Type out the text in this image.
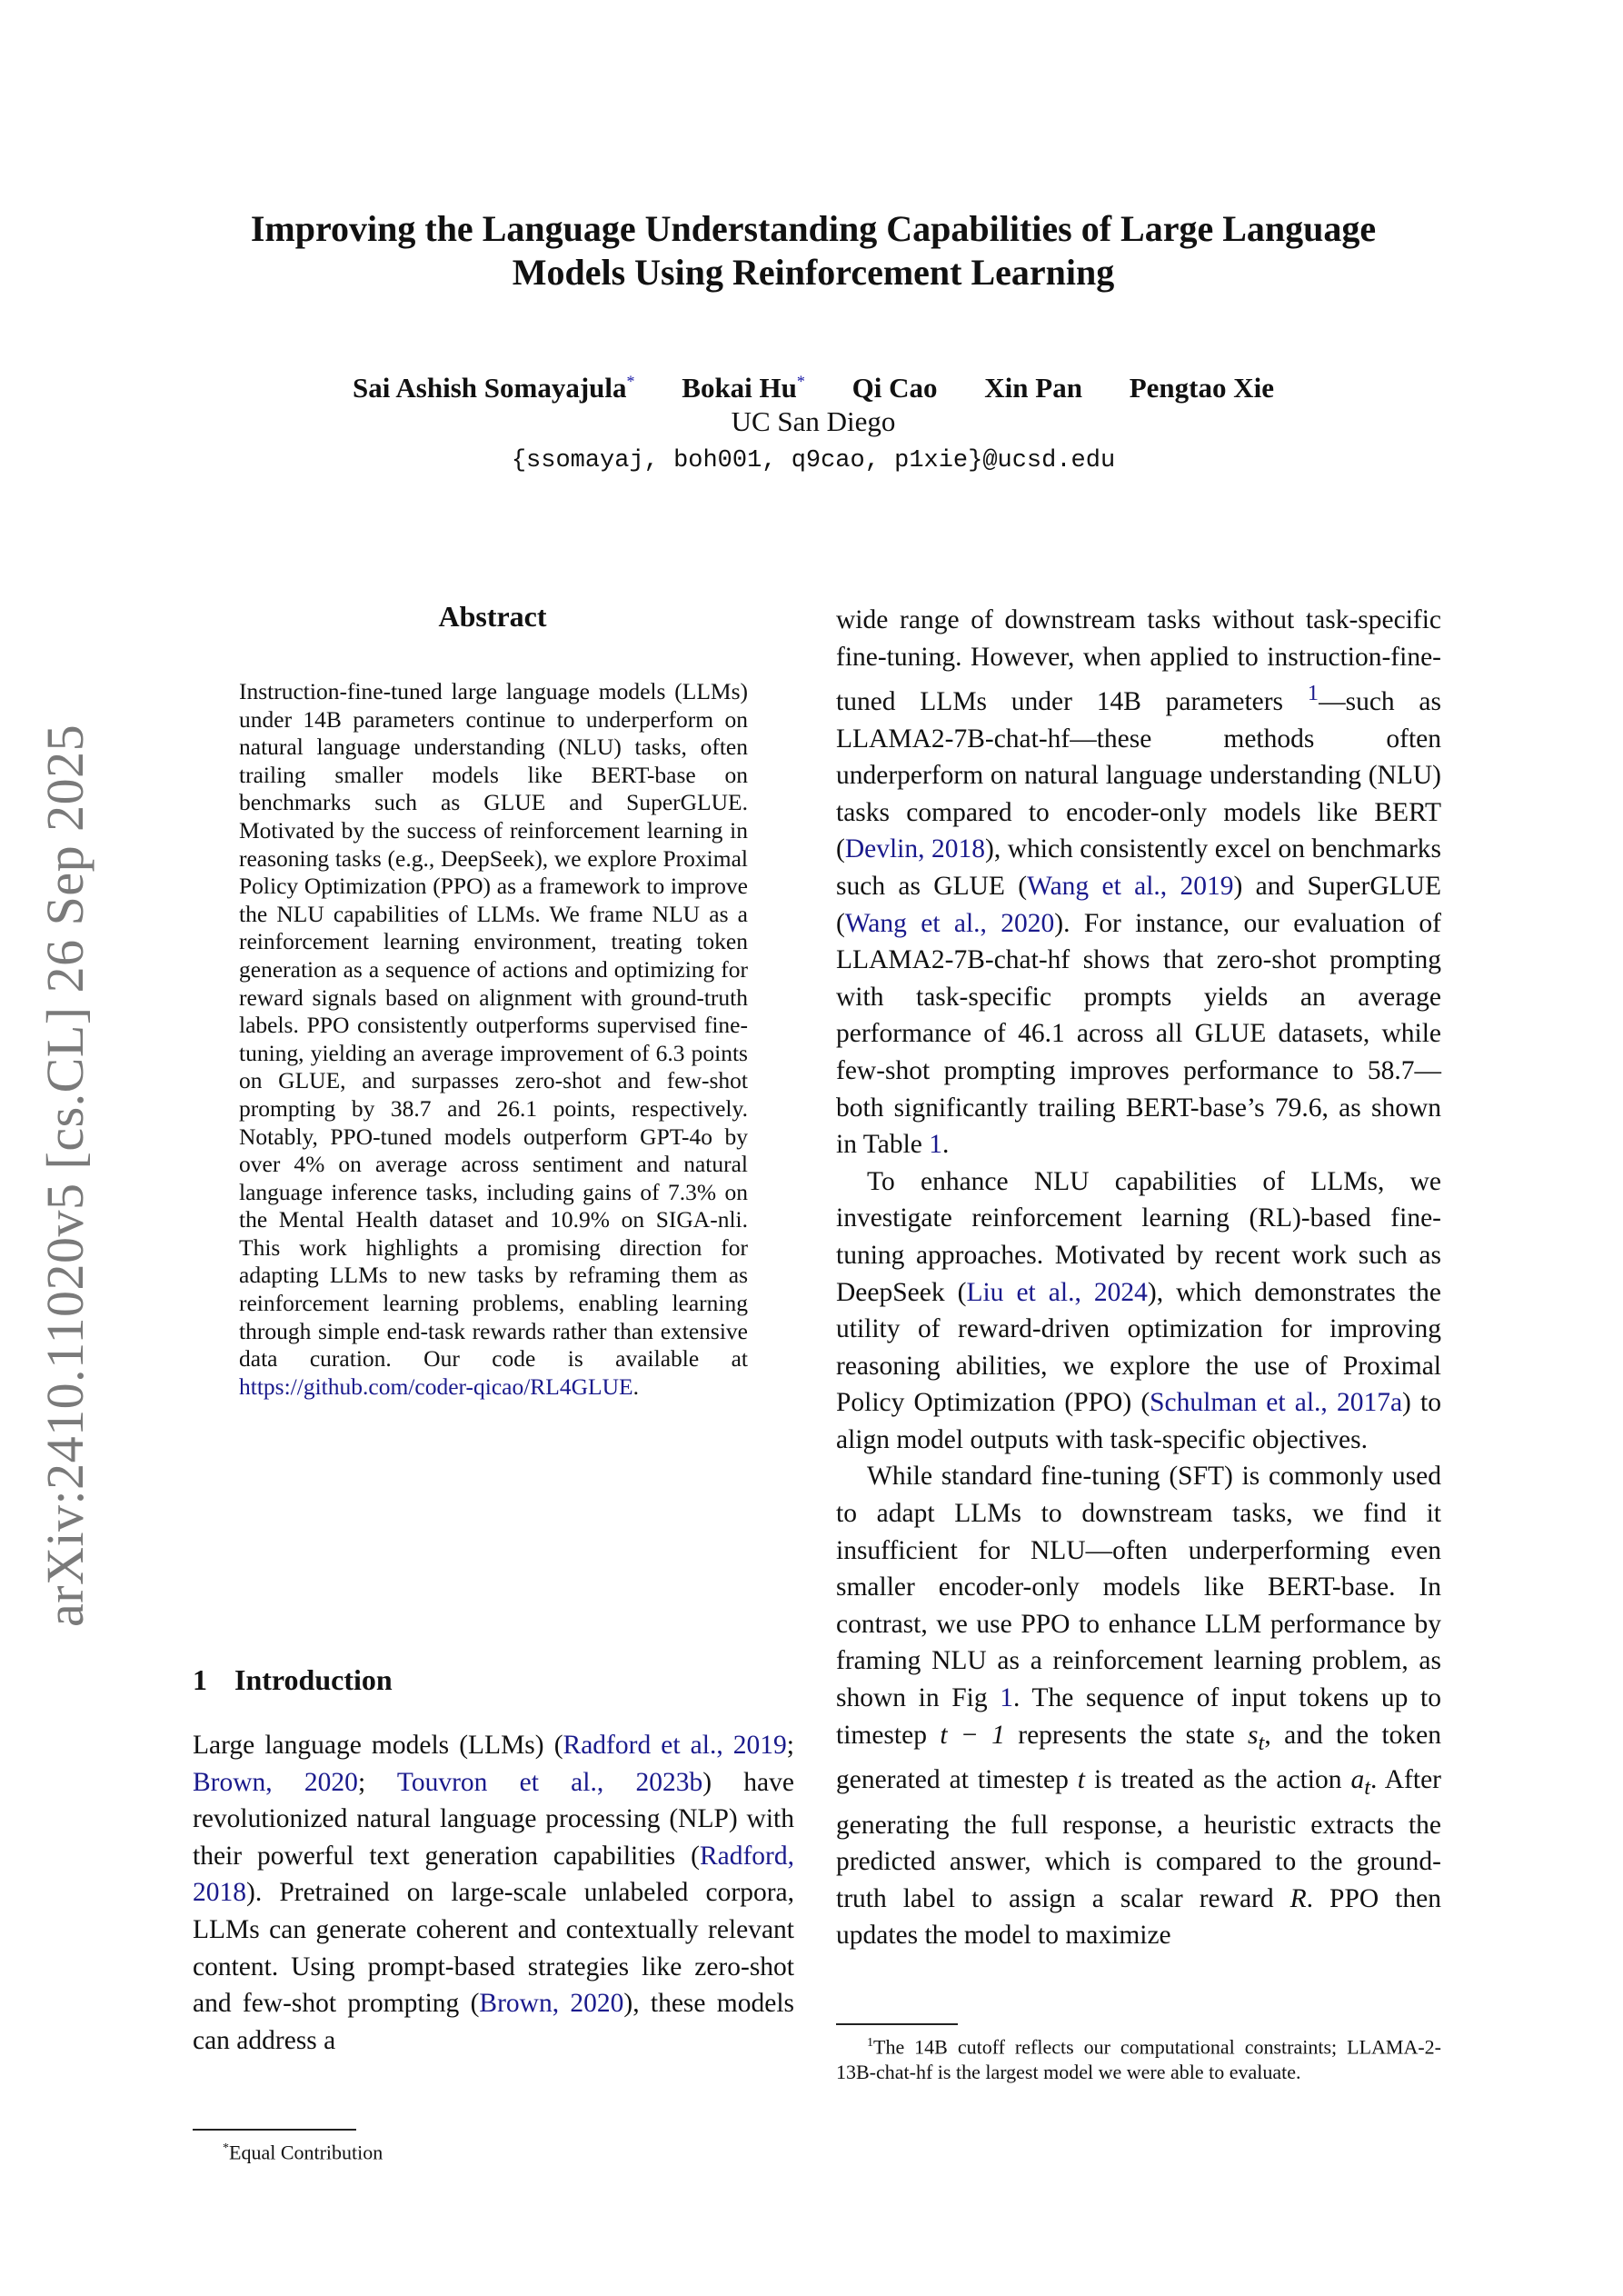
Improving the Language Understanding Capabilities of Large Language
Models Using Reinforcement Learning
Sai Ashish Somayajula* Bokai Hu* Qi Cao Xin Pan Pengtao Xie
UC San Diego
{ssomayaj, boh001, q9cao, p1xie}@ucsd.edu
arXiv:2410.11020v5 [cs.CL] 26 Sep 2025
Abstract
Instruction-fine-tuned large language models (LLMs) under 14B parameters continue to underperform on natural language understanding (NLU) tasks, often trailing smaller models like BERT-base on benchmarks such as GLUE and SuperGLUE. Motivated by the success of reinforcement learning in reasoning tasks (e.g., DeepSeek), we explore Proximal Policy Optimization (PPO) as a framework to improve the NLU capabilities of LLMs. We frame NLU as a reinforcement learning environment, treating token generation as a sequence of actions and optimizing for reward signals based on alignment with ground-truth labels. PPO consistently outperforms supervised fine-tuning, yielding an average improvement of 6.3 points on GLUE, and surpasses zero-shot and few-shot prompting by 38.7 and 26.1 points, respectively. Notably, PPO-tuned models outperform GPT-4o by over 4% on average across sentiment and natural language inference tasks, including gains of 7.3% on the Mental Health dataset and 10.9% on SIGA-nli. This work highlights a promising direction for adapting LLMs to new tasks by reframing them as reinforcement learning problems, enabling learning through simple end-task rewards rather than extensive data curation. Our code is available at https://github.com/coder-qicao/RL4GLUE.
1 Introduction

Large language models (LLMs) (Radford et al., 2019; Brown, 2020; Touvron et al., 2023b) have revolutionized natural language processing (NLP) with their powerful text generation capabilities (Radford, 2018). Pretrained on large-scale unlabeled corpora, LLMs can generate coherent and contextually relevant content. Using prompt-based strategies like zero-shot and few-shot prompting (Brown, 2020), these models can address a

wide range of downstream tasks without task-specific fine-tuning. However, when applied to instruction-fine-tuned LLMs under 14B parameters $^1$—such as LLAMA2-7B-chat-hf—these methods often underperform on natural language understanding (NLU) tasks compared to encoder-only models like BERT (Devlin, 2018), which consistently excel on benchmarks such as GLUE (Wang et al., 2019) and SuperGLUE (Wang et al., 2020). For instance, our evaluation of LLAMA2-7B-chat-hf shows that zero-shot prompting with task-specific prompts yields an average performance of 46.1 across all GLUE datasets, while few-shot prompting improves performance to 58.7—both significantly trailing BERT-base’s 79.6, as shown in Table 1.

To enhance NLU capabilities of LLMs, we investigate reinforcement learning (RL)-based fine-tuning approaches. Motivated by recent work such as DeepSeek (Liu et al., 2024), which demonstrates the utility of reward-driven optimization for improving reasoning abilities, we explore the use of Proximal Policy Optimization (PPO) (Schulman et al., 2017a) to align model outputs with task-specific objectives.

While standard fine-tuning (SFT) is commonly used to adapt LLMs to downstream tasks, we find it insufficient for NLU—often underperforming even smaller encoder-only models like BERT-base. In contrast, we use PPO to enhance LLM performance by framing NLU as a reinforcement learning problem, as shown in Fig 1. The sequence of input tokens up to timestep t − 1 represents the state $s_t$, and the token generated at timestep t is treated as the action $a_t$. After generating the full response, a heuristic extracts the predicted answer, which is compared to the ground-truth label to assign a scalar reward R. PPO then updates the model to maximize

*Equal Contribution
$^1$The 14B cutoff reflects our computational constraints; LLAMA-2-13B-chat-hf is the largest model we were able to evaluate.
